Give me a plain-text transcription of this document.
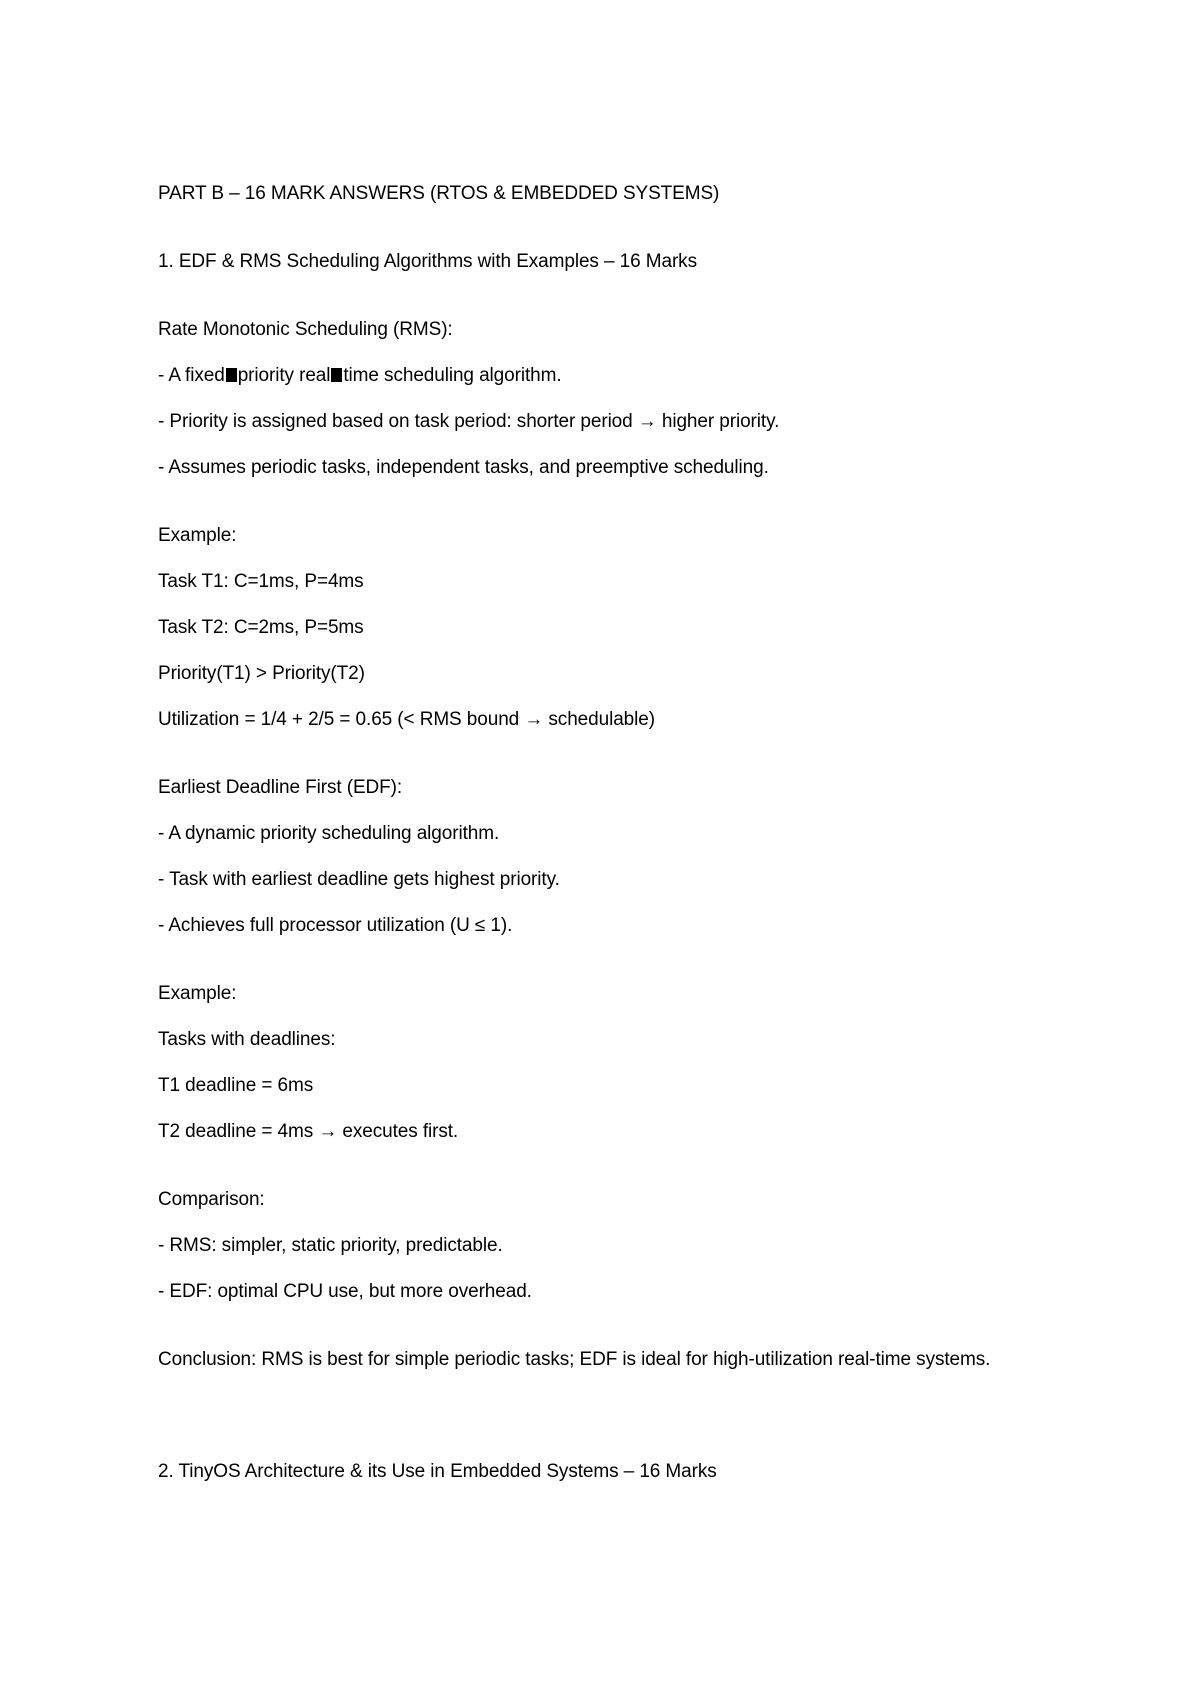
PART B – 16 MARK ANSWERS (RTOS & EMBEDDED SYSTEMS)
1. EDF & RMS Scheduling Algorithms with Examples – 16 Marks
Rate Monotonic Scheduling (RMS):
- A fixed priority real time scheduling algorithm.
- Priority is assigned based on task period: shorter period → higher priority.
- Assumes periodic tasks, independent tasks, and preemptive scheduling.
Example:
Task T1: C=1ms, P=4ms
Task T2: C=2ms, P=5ms
Priority(T1) > Priority(T2)
Utilization = 1/4 + 2/5 = 0.65 (< RMS bound → schedulable)
Earliest Deadline First (EDF):
- A dynamic priority scheduling algorithm.
- Task with earliest deadline gets highest priority.
- Achieves full processor utilization (U ≤ 1).
Example:
Tasks with deadlines:
T1 deadline = 6ms
T2 deadline = 4ms → executes first.
Comparison:
- RMS: simpler, static priority, predictable.
- EDF: optimal CPU use, but more overhead.
Conclusion: RMS is best for simple periodic tasks; EDF is ideal for high-utilization real-time systems.
2. TinyOS Architecture & its Use in Embedded Systems – 16 Marks
